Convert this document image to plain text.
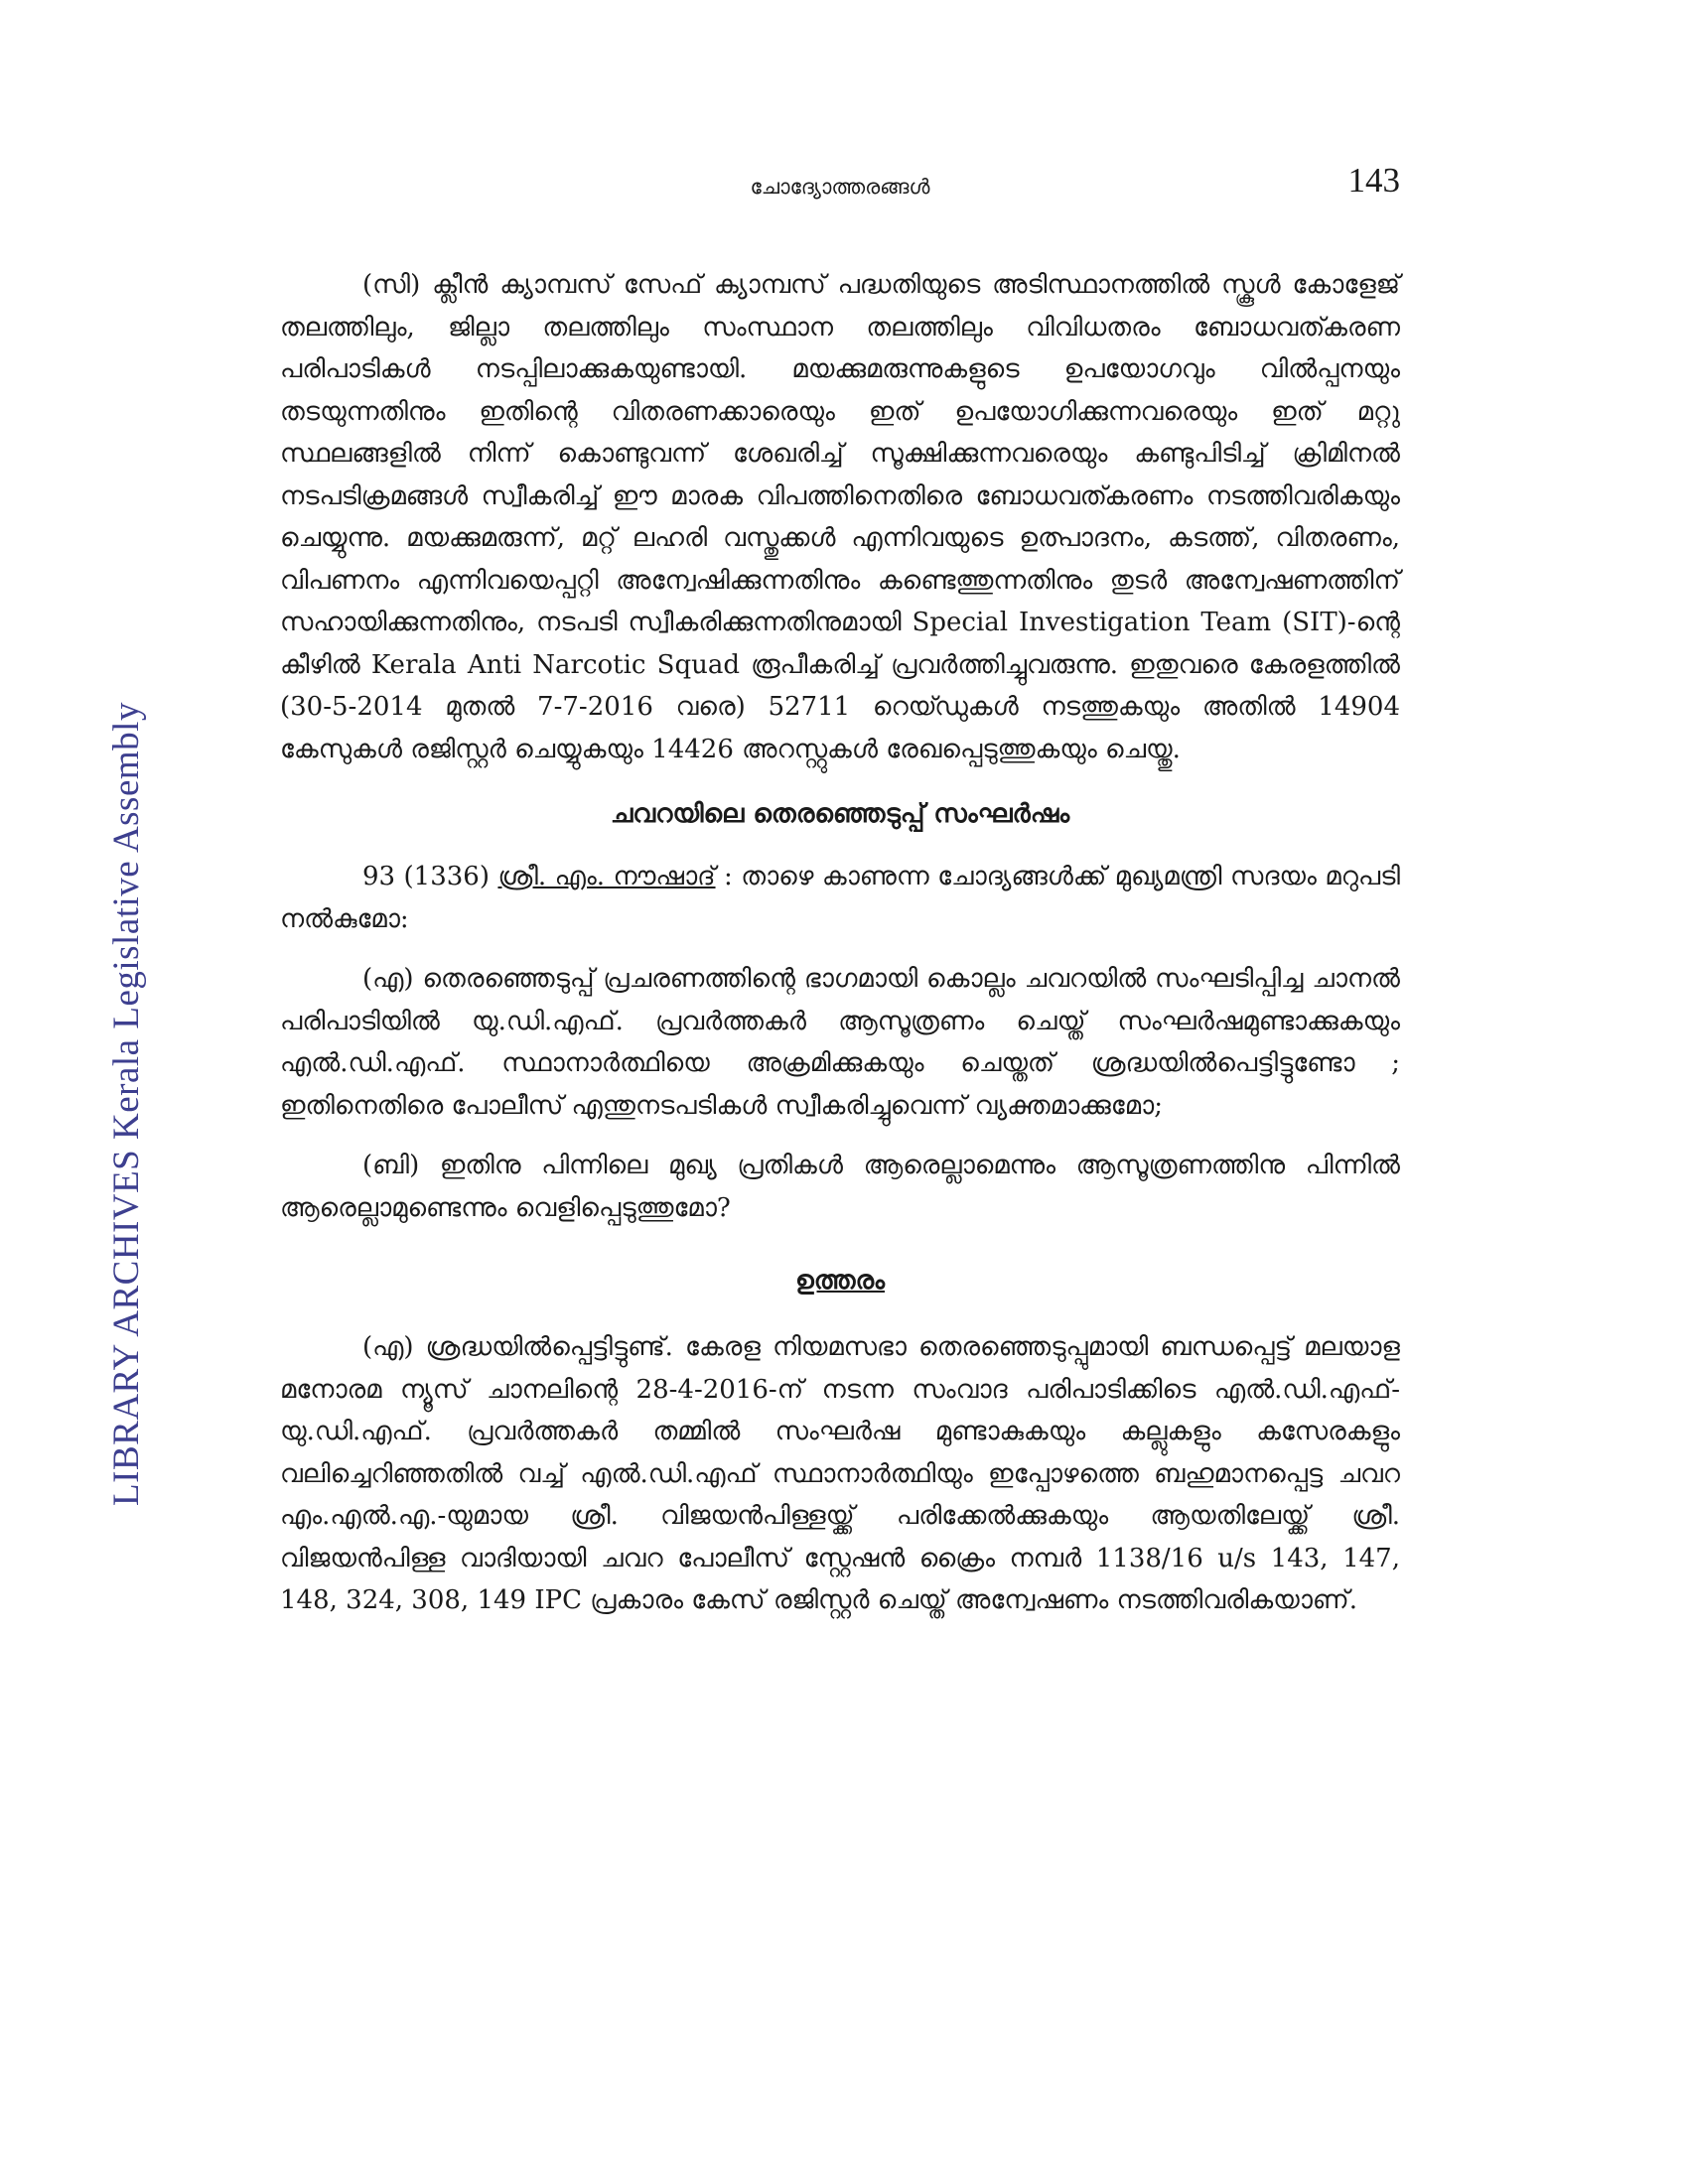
LIBRARY ARCHIVES Kerala Legislative Assembly
ചോദ്യോത്തരങ്ങൾ	143

(സി) ക്ലീൻ ക്യാമ്പസ് സേഫ് ക്യാമ്പസ് പദ്ധതിയുടെ അടിസ്ഥാനത്തിൽ സ്കൂൾ കോളേജ് തലത്തിലും, ജില്ലാ തലത്തിലും സംസ്ഥാന തലത്തിലും വിവിധതരം ബോധവത്കരണ പരിപാടികൾ നടപ്പിലാക്കുകയുണ്ടായി. മയക്കുമരുന്നുകളുടെ ഉപയോഗവും വിൽപ്പനയും തടയുന്നതിനും ഇതിന്റെ വിതരണക്കാരെയും ഇത് ഉപയോഗിക്കുന്നവരെയും ഇത് മറ്റു സ്ഥലങ്ങളിൽ നിന്ന് കൊണ്ടുവന്ന് ശേഖരിച്ച് സൂക്ഷിക്കുന്നവരെയും കണ്ടുപിടിച്ച് ക്രിമിനൽ നടപടിക്രമങ്ങൾ സ്വീകരിച്ച് ഈ മാരക വിപത്തിനെതിരെ ബോധവത്കരണം നടത്തിവരികയും ചെയ്യുന്നു. മയക്കുമരുന്ന്, മറ്റ് ലഹരി വസ്തുക്കൾ എന്നിവയുടെ ഉത്പാദനം, കടത്ത്, വിതരണം, വിപണനം എന്നിവയെപ്പറ്റി അന്വേഷിക്കുന്നതിനും കണ്ടെത്തുന്നതിനും തുടർ അന്വേഷണത്തിന് സഹായിക്കുന്നതിനും, നടപടി സ്വീകരിക്കുന്നതിനുമായി Special Investigation Team (SIT)-ന്റെ കീഴിൽ Kerala Anti Narcotic Squad രൂപീകരിച്ച് പ്രവർത്തിച്ചുവരുന്നു. ഇതുവരെ കേരളത്തിൽ (30-5-2014 മുതൽ 7-7-2016 വരെ) 52711 റെയ്ഡുകൾ നടത്തുകയും അതിൽ 14904 കേസുകൾ രജിസ്റ്റർ ചെയ്യുകയും 14426 അറസ്റ്റുകൾ രേഖപ്പെടുത്തുകയും ചെയ്തു.

ചവറയിലെ തെരഞ്ഞെടുപ്പ് സംഘർഷം

93 (1336) ശ്രീ. എം. നൗഷാദ് : താഴെ കാണുന്ന ചോദ്യങ്ങൾക്ക് മുഖ്യമന്ത്രി സദയം മറുപടി നൽകുമോ:

(എ) തെരഞ്ഞെടുപ്പ് പ്രചരണത്തിന്റെ ഭാഗമായി കൊല്ലം ചവറയിൽ സംഘടിപ്പിച്ച ചാനൽ പരിപാടിയിൽ യു.ഡി.എഫ്. പ്രവർത്തകർ ആസൂത്രണം ചെയ്ത് സംഘർഷമുണ്ടാക്കുകയും എൽ.ഡി.എഫ്. സ്ഥാനാർത്ഥിയെ അക്രമിക്കുകയും ചെയ്തത് ശ്രദ്ധയിൽപെട്ടിട്ടുണ്ടോ ; ഇതിനെതിരെ പോലീസ് എന്തുനടപടികൾ സ്വീകരിച്ചുവെന്ന് വ്യക്തമാക്കുമോ;

(ബി) ഇതിനു പിന്നിലെ മുഖ്യ പ്രതികൾ ആരെല്ലാമെന്നും ആസൂത്രണത്തിനു പിന്നിൽ ആരെല്ലാമുണ്ടെന്നും വെളിപ്പെടുത്തുമോ?

ഉത്തരം

(എ) ശ്രദ്ധയിൽപ്പെട്ടിട്ടുണ്ട്. കേരള നിയമസഭാ തെരഞ്ഞെടുപ്പുമായി ബന്ധപ്പെട്ട് മലയാള മനോരമ ന്യൂസ് ചാനലിന്റെ 28-4-2016-ന് നടന്ന സംവാദ പരിപാടിക്കിടെ എൽ.ഡി.എഫ്-യു.ഡി.എഫ്. പ്രവർത്തകർ തമ്മിൽ സംഘർഷ മുണ്ടാകുകയും കല്ലുകളും കസേരകളും വലിച്ചെറിഞ്ഞതിൽ വച്ച് എൽ.ഡി.എഫ് സ്ഥാനാർത്ഥിയും ഇപ്പോഴത്തെ ബഹുമാനപ്പെട്ട ചവറ എം.എൽ.എ.-യുമായ ശ്രീ. വിജയൻപിള്ളയ്ക്ക് പരിക്കേൽക്കുകയും ആയതിലേയ്ക്ക് ശ്രീ. വിജയൻപിള്ള വാദിയായി ചവറ പോലീസ് സ്റ്റേഷൻ ക്രൈം നമ്പർ 1138/16 u/s 143, 147, 148, 324, 308, 149 IPC പ്രകാരം കേസ് രജിസ്റ്റർ ചെയ്ത് അന്വേഷണം നടത്തിവരികയാണ്.
